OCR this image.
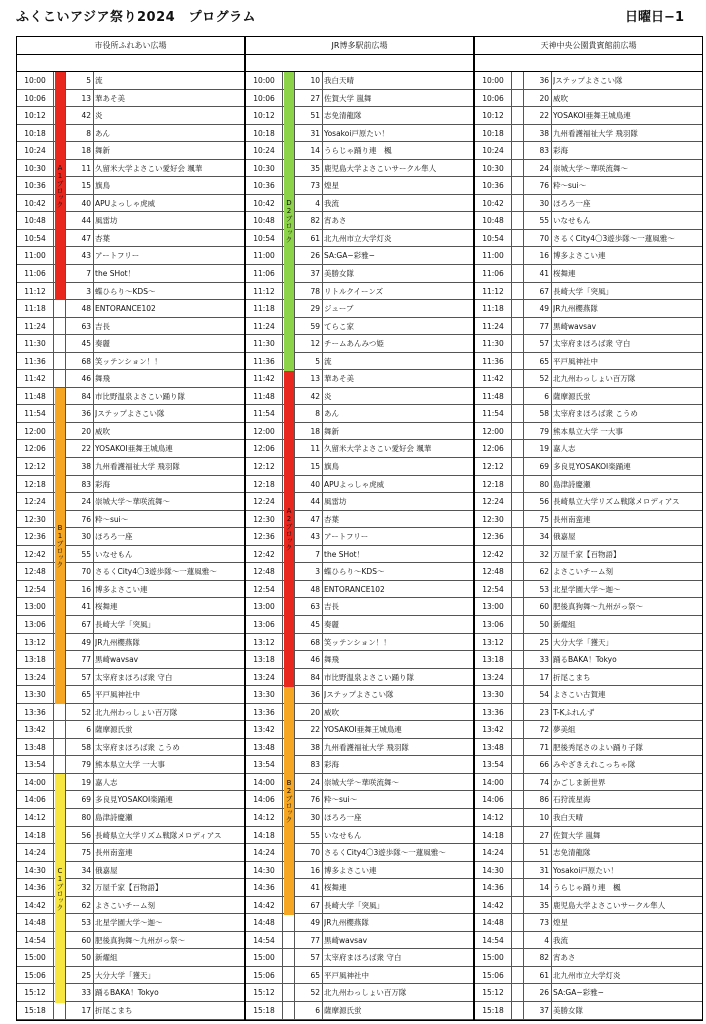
ふくこいアジア祭り2024　プログラム	日曜日−1
市役所ふれあい広場
10:00	5 流
10:06	13 華あそ美
10:12	42 炎
10:18	8 あん
10:24	18 舞新
10:30	11 久留米大学よさこい愛好会 颯華
10:36	15 旗鳥
10:42	40 APUよっしゃ虎威
10:48	44 風雷坊
10:54	47 杏葉
11:00	43 アートフリー
11:06	7 the SHot！
11:12	3 蝶ひらり〜KDS〜
11:18	48 ENTORANCE102
11:24	63 吉長
11:30	45 奏麗
11:36	68 笑ッテンション！！
11:42	46 舞飛
11:48	84 市比野温泉よさこい踊り隊
11:54	36 Jステップよさこい隊
12:00	20 威吹
12:06	22 YOSAKOI亜舞王城鳥連
12:12	38 九州看護福祉大学 飛羽隊
12:18	83 彩海
12:24	24 崇城大学〜華咲流舞〜
12:30	76 粋〜sui〜
12:36	30 ほろろ一座
12:42	55 いなせもん
12:48	70 さるくCity4〇3遊歩隊〜一蓮風雅〜
12:54	16 博多よさこい連
13:00	41 桜舞連
13:06	67 長崎大学「突風」
13:12	49 JR九州櫻燕隊
13:18	77 黒崎wavsav
13:24	57 太宰府まほろば衆 守白
13:30	65 平戸風神社中
13:36	52 北九州わっしょい百万隊
13:42	6 薩摩源氏蛍
13:48	58 太宰府まほろば衆 こうめ
13:54	79 熊本県立大学 一大事
14:00	19 嘉人志
14:06	69 多良見YOSAKOI楽踊連
14:12	80 島津詩慶瀬
14:18	56 長崎県立大学リズム戦隊メロディアス
14:24	75 長州南蛮連
14:30	34 俄嘉屋
14:36	32 万屋千家【百物語】
14:42	62 よさこいチーム刻
14:48	53 北星学園大学〜迦〜
14:54	60 肥後真狗舞〜九州がっ祭〜
15:00	50 新燿組
15:06	25 大分大学「獲天」
15:12	33 踊るBAKA！Tokyo
15:18	17 折尾こまち
A1ブロック
B1ブロック
C1ブロック
JR博多駅前広場
10:00	10 我白天晴
10:06	27 佐賀大学 嵐舞
10:12	51 志免清龍隊
10:18	31 Yosakoi戸原たい！
10:24	14 うらじゃ踊り連　楓
10:30	35 鹿児島大学よさこいサークル隼人
10:36	73 煌星
10:42	4 我流
10:48	82 宵あさ
10:54	61 北九州市立大学灯炎
11:00	26 SA:GA−彩雅−
11:06	37 美勝女隊
11:12	78 リトルクイーンズ
11:18	29 ジューブ
11:24	59 てらこ家
11:30	12 チームあんみつ姫
11:36	5 流
11:42	13 華あそ美
11:48	42 炎
11:54	8 あん
12:00	18 舞新
12:06	11 久留米大学よさこい愛好会 颯華
12:12	15 旗鳥
12:18	40 APUよっしゃ虎威
12:24	44 風雷坊
12:30	47 杏葉
12:36	43 アートフリー
12:42	7 the SHot！
12:48	3 蝶ひらり〜KDS〜
12:54	48 ENTORANCE102
13:00	63 吉長
13:06	45 奏麗
13:12	68 笑ッテンション！！
13:18	46 舞飛
13:24	84 市比野温泉よさこい踊り隊
13:30	36 Jステップよさこい隊
13:36	20 威吹
13:42	22 YOSAKOI亜舞王城鳥連
13:48	38 九州看護福祉大学 飛羽隊
13:54	83 彩海
14:00	24 崇城大学〜華咲流舞〜
14:06	76 粋〜sui〜
14:12	30 ほろろ一座
14:18	55 いなせもん
14:24	70 さるくCity4〇3遊歩隊〜一蓮風雅〜
14:30	16 博多よさこい連
14:36	41 桜舞連
14:42	67 長崎大学「突風」
14:48	49 JR九州櫻燕隊
14:54	77 黒崎wavsav
15:00	57 太宰府まほろば衆 守白
15:06	65 平戸風神社中
15:12	52 北九州わっしょい百万隊
15:18	6 薩摩源氏蛍
D2ブロック
A2ブロック
B2ブロック
天神中央公園貴賓館前広場
10:00	36 Jステップよさこい隊
10:06	20 威吹
10:12	22 YOSAKOI亜舞王城鳥連
10:18	38 九州看護福祉大学 飛羽隊
10:24	83 彩海
10:30	24 崇城大学〜華咲流舞〜
10:36	76 粋〜sui〜
10:42	30 ほろろ一座
10:48	55 いなせもん
10:54	70 さるくCity4〇3遊歩隊〜一蓮風雅〜
11:00	16 博多よさこい連
11:06	41 桜舞連
11:12	67 長崎大学「突風」
11:18	49 JR九州櫻燕隊
11:24	77 黒崎wavsav
11:30	57 太宰府まほろば衆 守白
11:36	65 平戸風神社中
11:42	52 北九州わっしょい百万隊
11:48	6 薩摩源氏蛍
11:54	58 太宰府まほろば衆 こうめ
12:00	79 熊本県立大学 一大事
12:06	19 嘉人志
12:12	69 多良見YOSAKOI楽踊連
12:18	80 島津詩慶瀬
12:24	56 長崎県立大学リズム戦隊メロディアス
12:30	75 長州南蛮連
12:36	34 俄嘉屋
12:42	32 万屋千家【百物語】
12:48	62 よさこいチーム刻
12:54	53 北星学園大学〜迦〜
13:00	60 肥後真狗舞〜九州がっ祭〜
13:06	50 新燿組
13:12	25 大分大学「獲天」
13:18	33 踊るBAKA！Tokyo
13:24	17 折尾こまち
13:30	54 よさこい古賀連
13:36	23 T-Kふれんず
13:42	72 夢美組
13:48	71 肥後秀尾さのよい踊り子隊
13:54	66 みやざきえれこっちゃ隊
14:00	74 かごしま新世界
14:06	86 石狩流星海
14:12	10 我白天晴
14:18	27 佐賀大学 嵐舞
14:24	51 志免清龍隊
14:30	31 Yosakoi戸原たい！
14:36	14 うらじゃ踊り連　楓
14:42	35 鹿児島大学よさこいサークル隼人
14:48	73 煌星
14:54	4 我流
15:00	82 宵あさ
15:06	61 北九州市立大学灯炎
15:12	26 SA:GA−彩雅−
15:18	37 美勝女隊
